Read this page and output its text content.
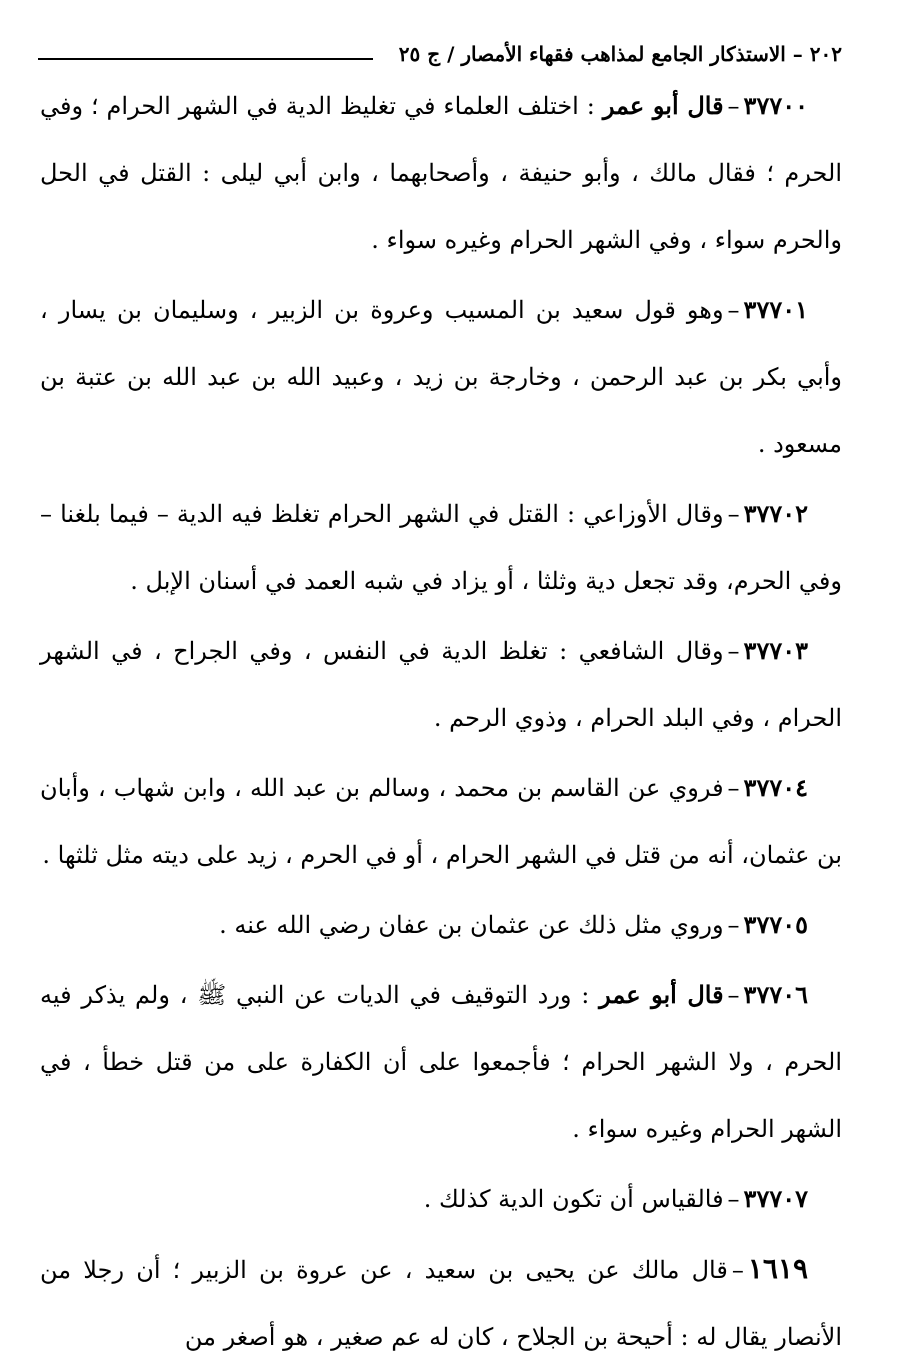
٢٠٢ – الاستذكار الجامع لمذاهب فقهاء الأمصار / ج ٢٥

٣٧٧٠٠–قال أبو عمر : اختلف العلماء في تغليظ الدية في الشهر الحرام ؛ وفي الحرم ؛ فقال مالك ، وأبو حنيفة ، وأصحابهما ، وابن أبي ليلى : القتل في الحل والحرم سواء ، وفي الشهر الحرام وغيره سواء .

٣٧٧٠١–وهو قول سعيد بن المسيب وعروة بن الزبير ، وسليمان بن يسار ، وأبي بكر بن عبد الرحمن ، وخارجة بن زيد ، وعبيد الله بن عبد الله بن عتبة بن مسعود .

٣٧٧٠٢–وقال الأوزاعي : القتل في الشهر الحرام تغلظ فيه الدية – فيما بلغنا – وفي الحرم، وقد تجعل دية وثلثا ، أو يزاد في شبه العمد في أسنان الإبل .

٣٧٧٠٣–وقال الشافعي : تغلظ الدية في النفس ، وفي الجراح ، في الشهر الحرام ، وفي البلد الحرام ، وذوي الرحم .

٣٧٧٠٤–فروي عن القاسم بن محمد ، وسالم بن عبد الله ، وابن شهاب ، وأبان بن عثمان، أنه من قتل في الشهر الحرام ، أو في الحرم ، زيد على ديته مثل ثلثها .

٣٧٧٠٥–وروي مثل ذلك عن عثمان بن عفان رضي الله عنه .

٣٧٧٠٦–قال أبو عمر : ورد التوقيف في الديات عن النبي ﷺ ، ولم يذكر فيه الحرم ، ولا الشهر الحرام ؛ فأجمعوا على أن الكفارة على من قتل خطأ ، في الشهر الحرام وغيره سواء .

٣٧٧٠٧–فالقياس أن تكون الدية كذلك .

١٦١٩–قال مالك عن يحيى بن سعيد ، عن عروة بن الزبير ؛ أن رجلا من الأنصار يقال له : أحيحة بن الجلاح ، كان له عم صغير ، هو أصغر من
